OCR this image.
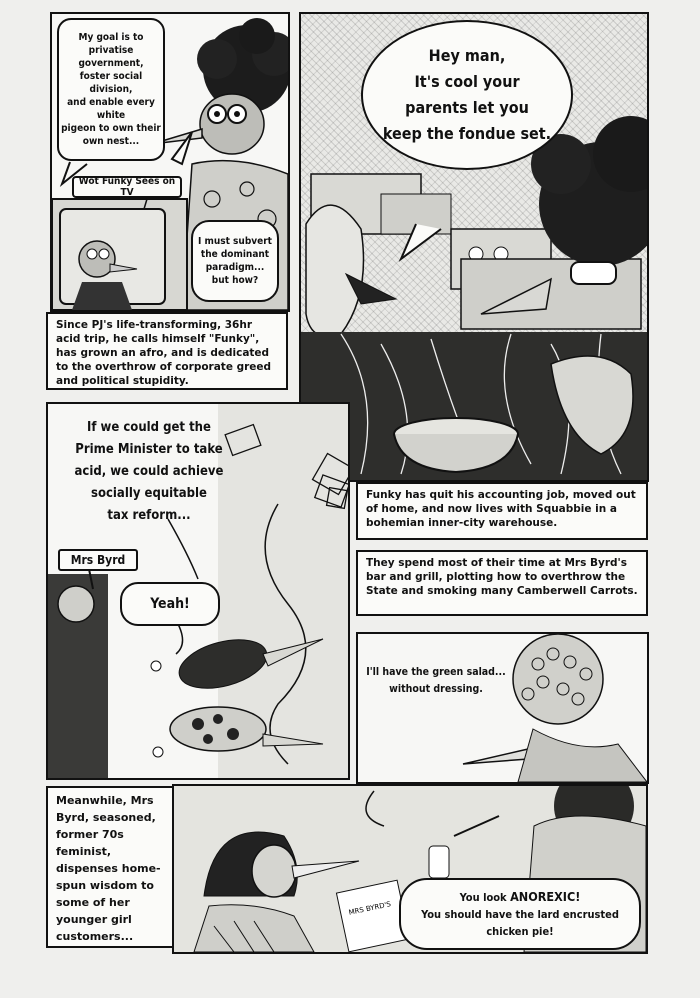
My goal is to
privatise government,
foster social division,
and enable every white
pigeon to own their
own nest...
Wot Funky Sees on TV
I must subvert
the dominant
paradigm...
but how?
Since PJ's life-transforming, 36hr acid trip, he calls himself "Funky", has grown an afro, and is dedicated to the overthrow of corporate greed and political stupidity.
Hey man,
It's cool your
parents let you
keep the fondue set.
Funky has quit his accounting job, moved out of home, and now lives with Squabbie in a bohemian inner-city warehouse.
They spend most of their time at Mrs Byrd's bar and grill, plotting how to overthrow the State and smoking many Camberwell Carrots.
If we could get the
Prime Minister to take
acid, we could achieve
socially equitable
tax reform...
Mrs Byrd
Yeah!
I'll have the green salad...
without dressing.
Meanwhile, Mrs Byrd, seasoned, former 70s feminist, dispenses home-spun wisdom to some of her younger girl customers...
MRS BYRD'S
You look ANOREXIC!
You should have the lard encrusted
chicken pie!
